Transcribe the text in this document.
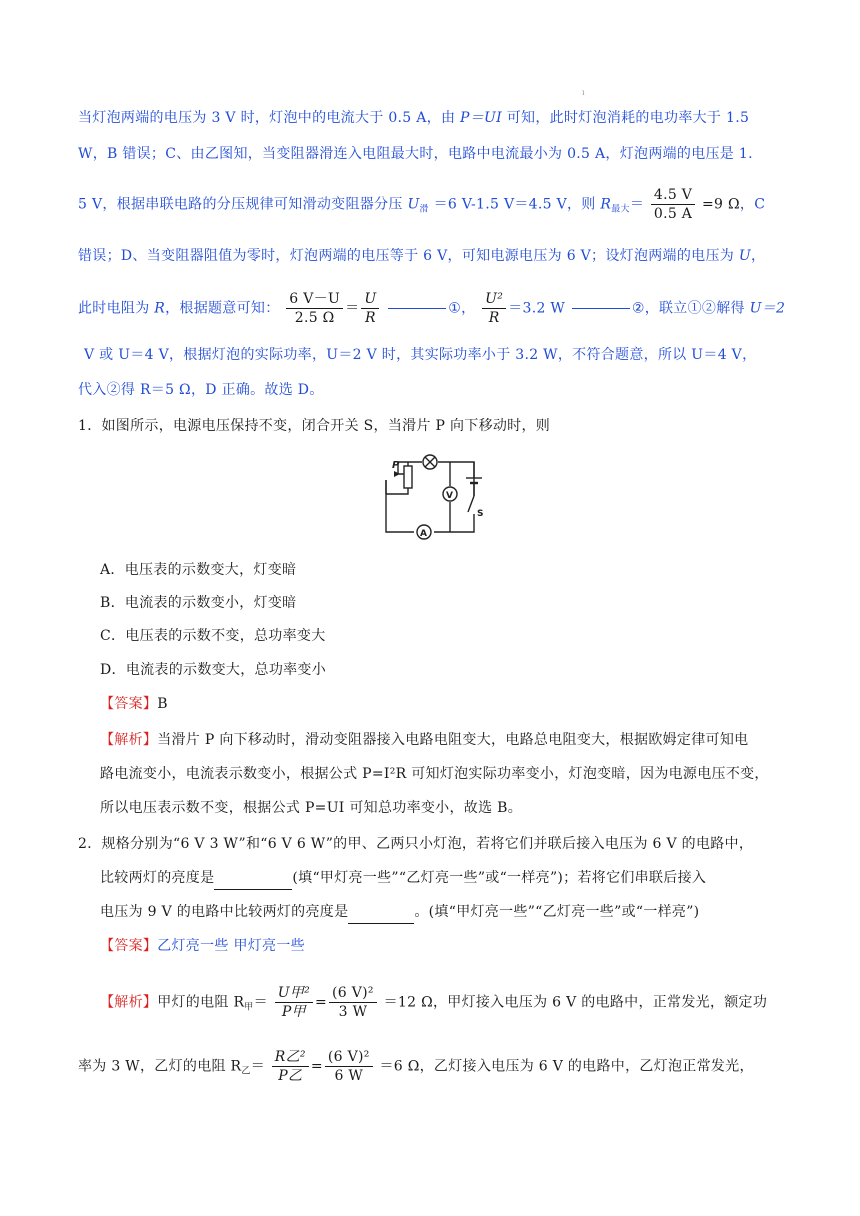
ı
当灯泡两端的电压为 3 V 时，灯泡中的电流大于 0.5 A，由 P＝UI 可知，此时灯泡消耗的电功率大于 1.5
W，B 错误；C、由乙图知，当变阻器滑连入电阻最大时，电路中电流最小为 0.5 A，灯泡两端的电压是 1.
5 V，根据串联电路的分压规律可知滑动变阻器分压 $U_滑 =6$ V-1.5 V＝4.5 V，则 $R_{最大}= \frac{4.5 V}{0.5 A} =9$ Ω，C
错误；D、当变阻器阻值为零时，灯泡两端的电压等于 6 V，可知电源电压为 6 V；设灯泡两端的电压为 U，
此时电阻为 R，根据题意可知： $\frac{6 V-U}{2.5 \Omega} = \frac{U}{R}$	①， $\frac{\text{U²}}{R} =3.2$ W	②，联立①②解得 U＝2
V 或 U＝4 V，根据灯泡的实际功率，U＝2 V 时，其实际功率小于 3.2 W，不符合题意，所以 U＝4 V，
代入②得 R＝5 Ω，D 正确。故选 D。
1．如图所示，电源电压保持不变，闭合开关 S，当滑片 P 向下移动时，则
P
V
A
S
A．电压表的示数变大，灯变暗
B．电流表的示数变小，灯变暗
C．电压表的示数不变，总功率变大
D．电流表的示数变大，总功率变小
【答案】B
【解析】当滑片 P 向下移动时，滑动变阻器接入电路电阻变大，电路总电阻变大，根据欧姆定律可知电
路电流变小，电流表示数变小，根据公式 P=I²R 可知灯泡实际功率变小，灯泡变暗，因为电源电压不变，
所以电压表示数不变，根据公式 P=UI 可知总功率变小，故选 B。
2．规格分别为“6 V 3 W”和“6 V 6 W”的甲、乙两只小灯泡，若将它们并联后接入电压为 6 V 的电路中，
比较两灯的亮度是	(填“甲灯亮一些”“乙灯亮一些”或“一样亮”)；若将它们串联后接入
电压为 9 V 的电路中比较两灯的亮度是	。(填“甲灯亮一些”“乙灯亮一些”或“一样亮”)
【答案】乙灯亮一些 甲灯亮一些
【解析】甲灯的电阻 $R_甲= \frac{\text{U甲²}}{\text{P甲}} = \frac{\text{(6 V)²}}{3 W} =12$ Ω，甲灯接入电压为 6 V 的电路中，正常发光，额定功
率为 3 W，乙灯的电阻 $R_乙= \frac{\text{R乙²}}{\text{P乙}} = \frac{\text{(6 V)²}}{6 W} =6$ Ω，乙灯接入电压为 6 V 的电路中，乙灯泡正常发光，
